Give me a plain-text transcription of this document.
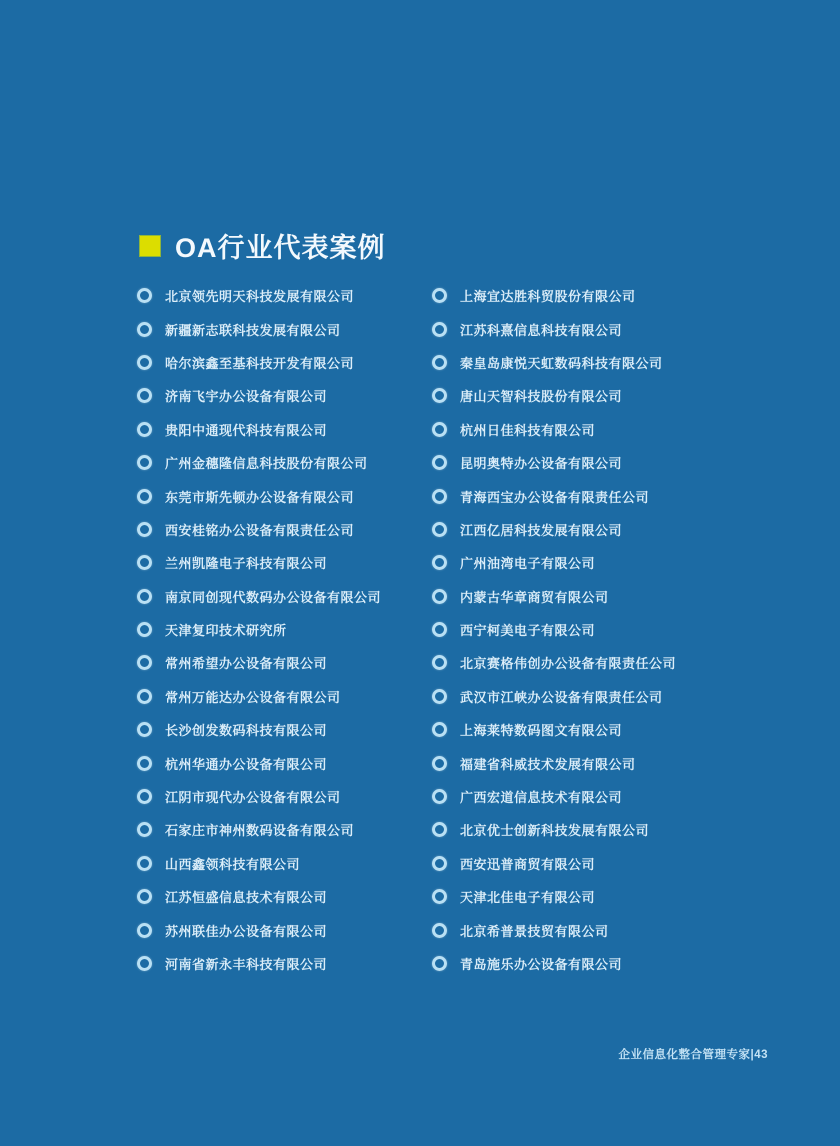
OA行业代表案例
北京领先明天科技发展有限公司
新疆新志联科技发展有限公司
哈尔滨鑫至基科技开发有限公司
济南飞宇办公设备有限公司
贵阳中通现代科技有限公司
广州金穗隆信息科技股份有限公司
东莞市斯先顿办公设备有限公司
西安桂铭办公设备有限责任公司
兰州凯隆电子科技有限公司
南京同创现代数码办公设备有限公司
天津复印技术研究所
常州希望办公设备有限公司
常州万能达办公设备有限公司
长沙创发数码科技有限公司
杭州华通办公设备有限公司
江阴市现代办公设备有限公司
石家庄市神州数码设备有限公司
山西鑫领科技有限公司
江苏恒盛信息技术有限公司
苏州联佳办公设备有限公司
河南省新永丰科技有限公司
上海宜达胜科贸股份有限公司
江苏科熹信息科技有限公司
秦皇岛康悦天虹数码科技有限公司
唐山天智科技股份有限公司
杭州日佳科技有限公司
昆明奥特办公设备有限公司
青海西宝办公设备有限责任公司
江西亿居科技发展有限公司
广州油湾电子有限公司
内蒙古华章商贸有限公司
西宁柯美电子有限公司
北京赛格伟创办公设备有限责任公司
武汉市江峡办公设备有限责任公司
上海莱特数码图文有限公司
福建省科威技术发展有限公司
广西宏道信息技术有限公司
北京优士创新科技发展有限公司
西安迅普商贸有限公司
天津北佳电子有限公司
北京希普景技贸有限公司
青岛施乐办公设备有限公司
企业信息化整合管理专家|43
